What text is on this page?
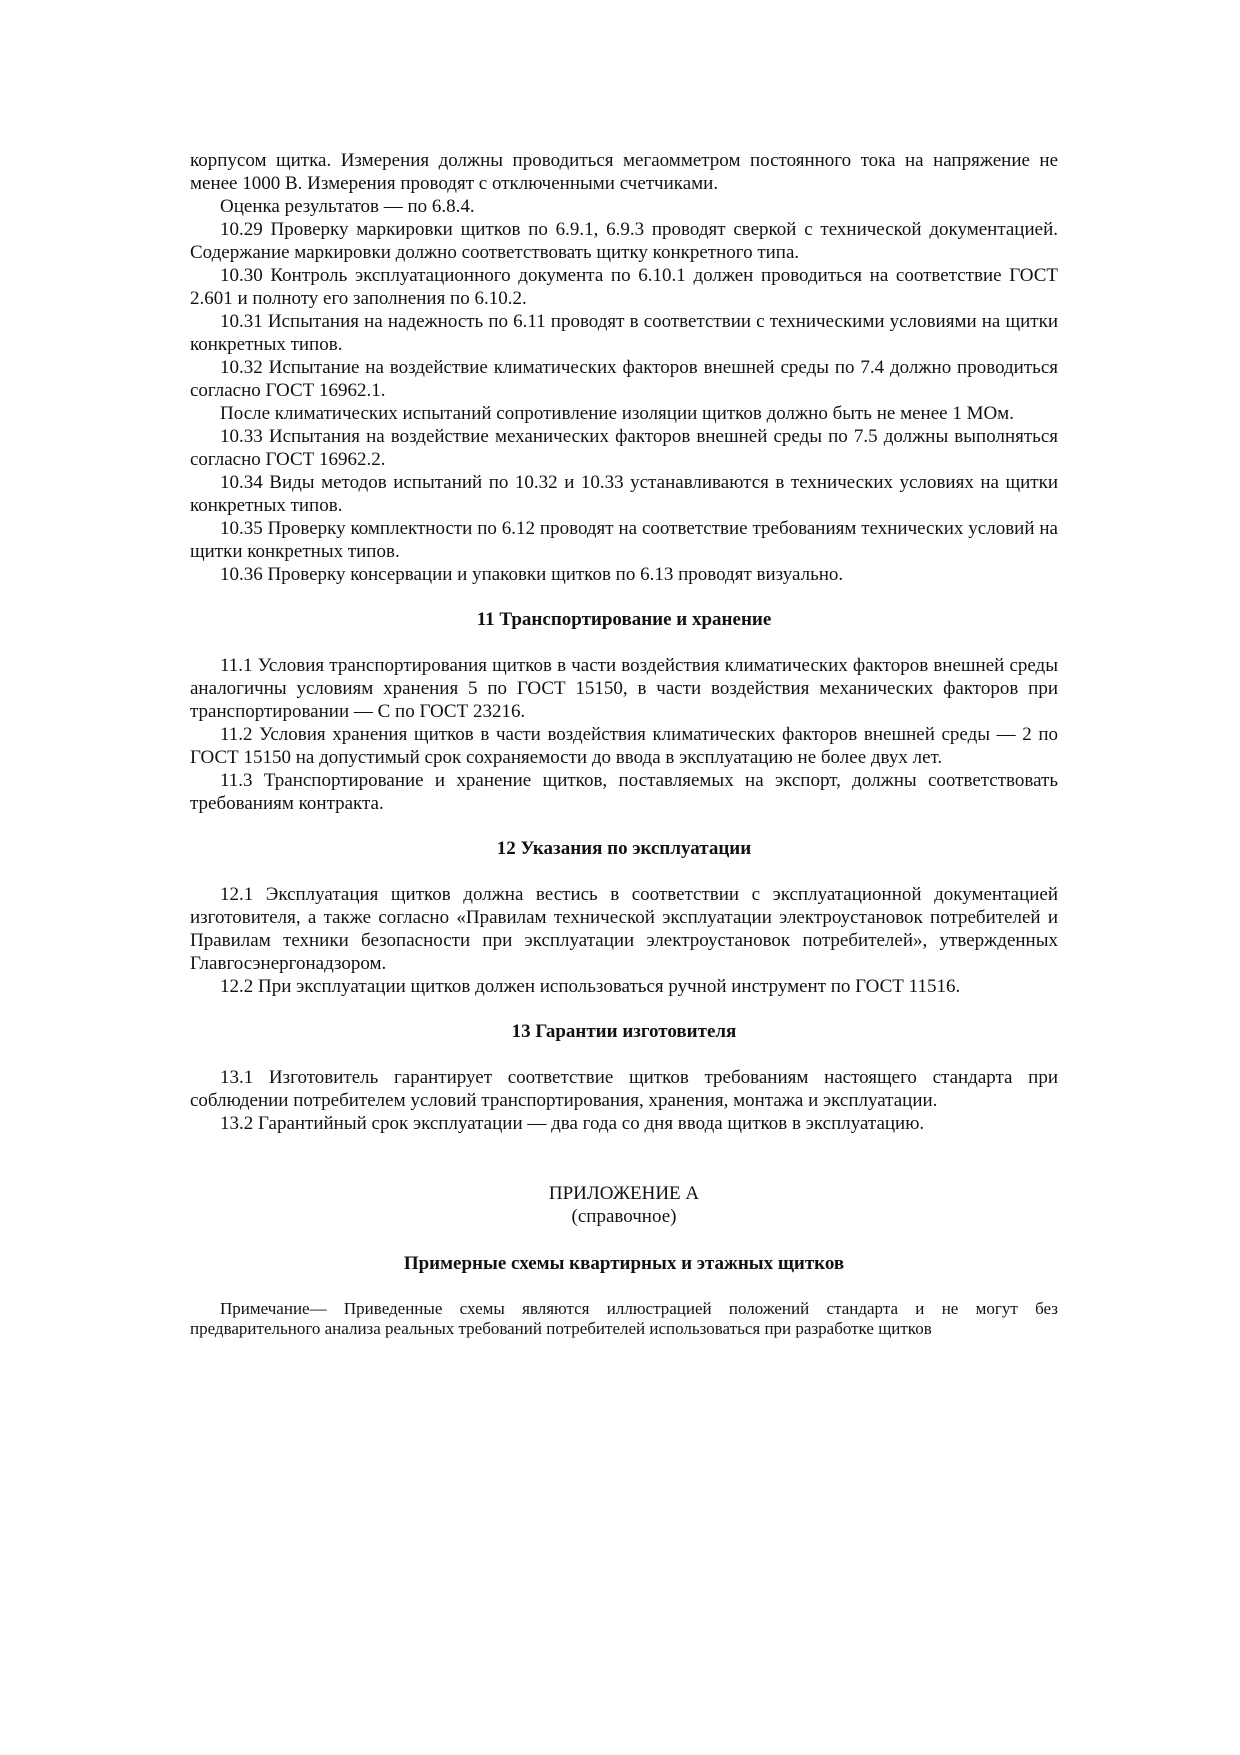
корпусом щитка. Измерения должны проводиться мегаомметром постоянного тока на напряжение не менее 1000 В. Измерения проводят с отключенными счетчиками.

Оценка результатов — по 6.8.4.

10.29 Проверку маркировки щитков по 6.9.1, 6.9.3 проводят сверкой с технической документацией. Содержание маркировки должно соответствовать щитку конкретного типа.

10.30 Контроль эксплуатационного документа по 6.10.1 должен проводиться на соответствие ГОСТ 2.601 и полноту его заполнения по 6.10.2.

10.31 Испытания на надежность по 6.11 проводят в соответствии с техническими условиями на щитки конкретных типов.

10.32 Испытание на воздействие климатических факторов внешней среды по 7.4 должно проводиться согласно ГОСТ 16962.1.

После климатических испытаний сопротивление изоляции щитков должно быть не менее 1 МОм.

10.33 Испытания на воздействие механических факторов внешней среды по 7.5 должны выполняться согласно ГОСТ 16962.2.

10.34 Виды методов испытаний по 10.32 и 10.33 устанавливаются в технических условиях на щитки конкретных типов.

10.35 Проверку комплектности по 6.12 проводят на соответствие требованиям технических условий на щитки конкретных типов.

10.36 Проверку консервации и упаковки щитков по 6.13 проводят визуально.

11 Транспортирование и хранение

11.1 Условия транспортирования щитков в части воздействия климатических факторов внешней среды аналогичны условиям хранения 5 по ГОСТ 15150, в части воздействия механических факторов при транспортировании — С по ГОСТ 23216.

11.2 Условия хранения щитков в части воздействия климатических факторов внешней среды — 2 по ГОСТ 15150 на допустимый срок сохраняемости до ввода в эксплуатацию не более двух лет.

11.3 Транспортирование и хранение щитков, поставляемых на экспорт, должны соответствовать требованиям контракта.

12 Указания по эксплуатации

12.1 Эксплуатация щитков должна вестись в соответствии с эксплуатационной документацией изготовителя, а также согласно «Правилам технической эксплуатации электроустановок потребителей и Правилам техники безопасности при эксплуатации электроустановок потребителей», утвержденных Главгосэнергонадзором.

12.2 При эксплуатации щитков должен использоваться ручной инструмент по ГОСТ 11516.

13 Гарантии изготовителя

13.1 Изготовитель гарантирует соответствие щитков требованиям настоящего стандарта при соблюдении потребителем условий транспортирования, хранения, монтажа и эксплуатации.

13.2 Гарантийный срок эксплуатации — два года со дня ввода щитков в эксплуатацию.

ПРИЛОЖЕНИЕ А

(справочное)

Примерные схемы квартирных и этажных щитков

Примечание— Приведенные схемы являются иллюстрацией положений стандарта и не могут без предварительного анализа реальных требований потребителей использоваться при разработке щитков
